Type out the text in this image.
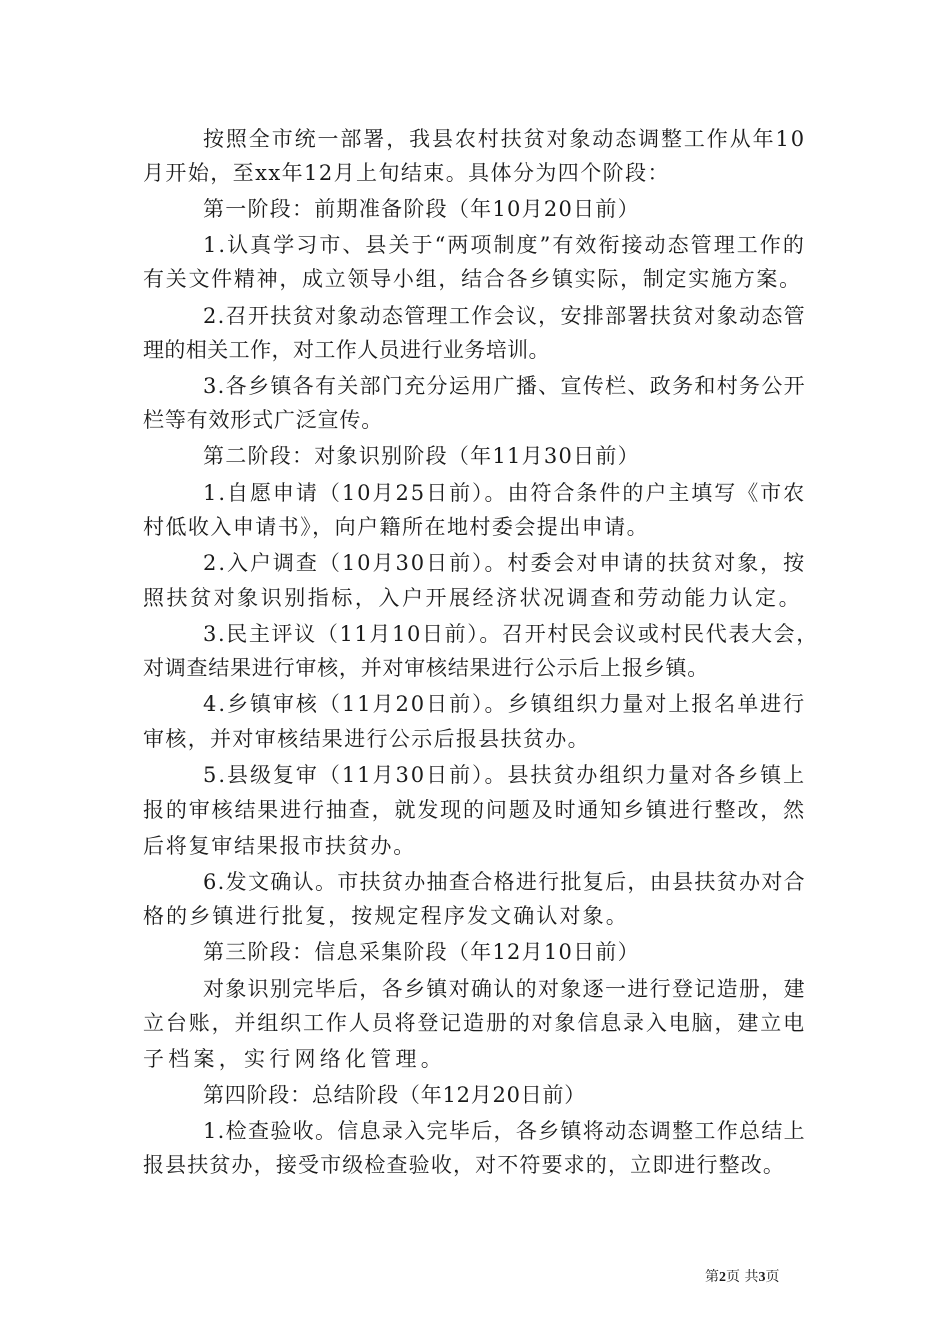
按照全市统一部署，我县农村扶贫对象动态调整工作从年10
月开始，至xx年12月上旬结束。具体分为四个阶段：
第一阶段：前期准备阶段（年10月20日前）
1.认真学习市、县关于“两项制度”有效衔接动态管理工作的
有关文件精神，成立领导小组，结合各乡镇实际，制定实施方案。
2.召开扶贫对象动态管理工作会议，安排部署扶贫对象动态管
理的相关工作，对工作人员进行业务培训。
3.各乡镇各有关部门充分运用广播、宣传栏、政务和村务公开
栏等有效形式广泛宣传。
第二阶段：对象识别阶段（年11月30日前）
1.自愿申请（10月25日前）。由符合条件的户主填写《市农
村低收入申请书》，向户籍所在地村委会提出申请。
2.入户调查（10月30日前）。村委会对申请的扶贫对象，按
照扶贫对象识别指标，入户开展经济状况调查和劳动能力认定。
3.民主评议（11月10日前）。召开村民会议或村民代表大会，
对调查结果进行审核，并对审核结果进行公示后上报乡镇。
4.乡镇审核（11月20日前）。乡镇组织力量对上报名单进行
审核，并对审核结果进行公示后报县扶贫办。
5.县级复审（11月30日前）。县扶贫办组织力量对各乡镇上
报的审核结果进行抽查，就发现的问题及时通知乡镇进行整改，然
后将复审结果报市扶贫办。
6.发文确认。市扶贫办抽查合格进行批复后，由县扶贫办对合
格的乡镇进行批复，按规定程序发文确认对象。
第三阶段：信息采集阶段（年12月10日前）
对象识别完毕后，各乡镇对确认的对象逐一进行登记造册，建
立台账，并组织工作人员将登记造册的对象信息录入电脑，建立电
子档案，实行网络化管理。
第四阶段：总结阶段（年12月20日前）
1.检查验收。信息录入完毕后，各乡镇将动态调整工作总结上
报县扶贫办，接受市级检查验收，对不符要求的，立即进行整改。
第2页 共3页
